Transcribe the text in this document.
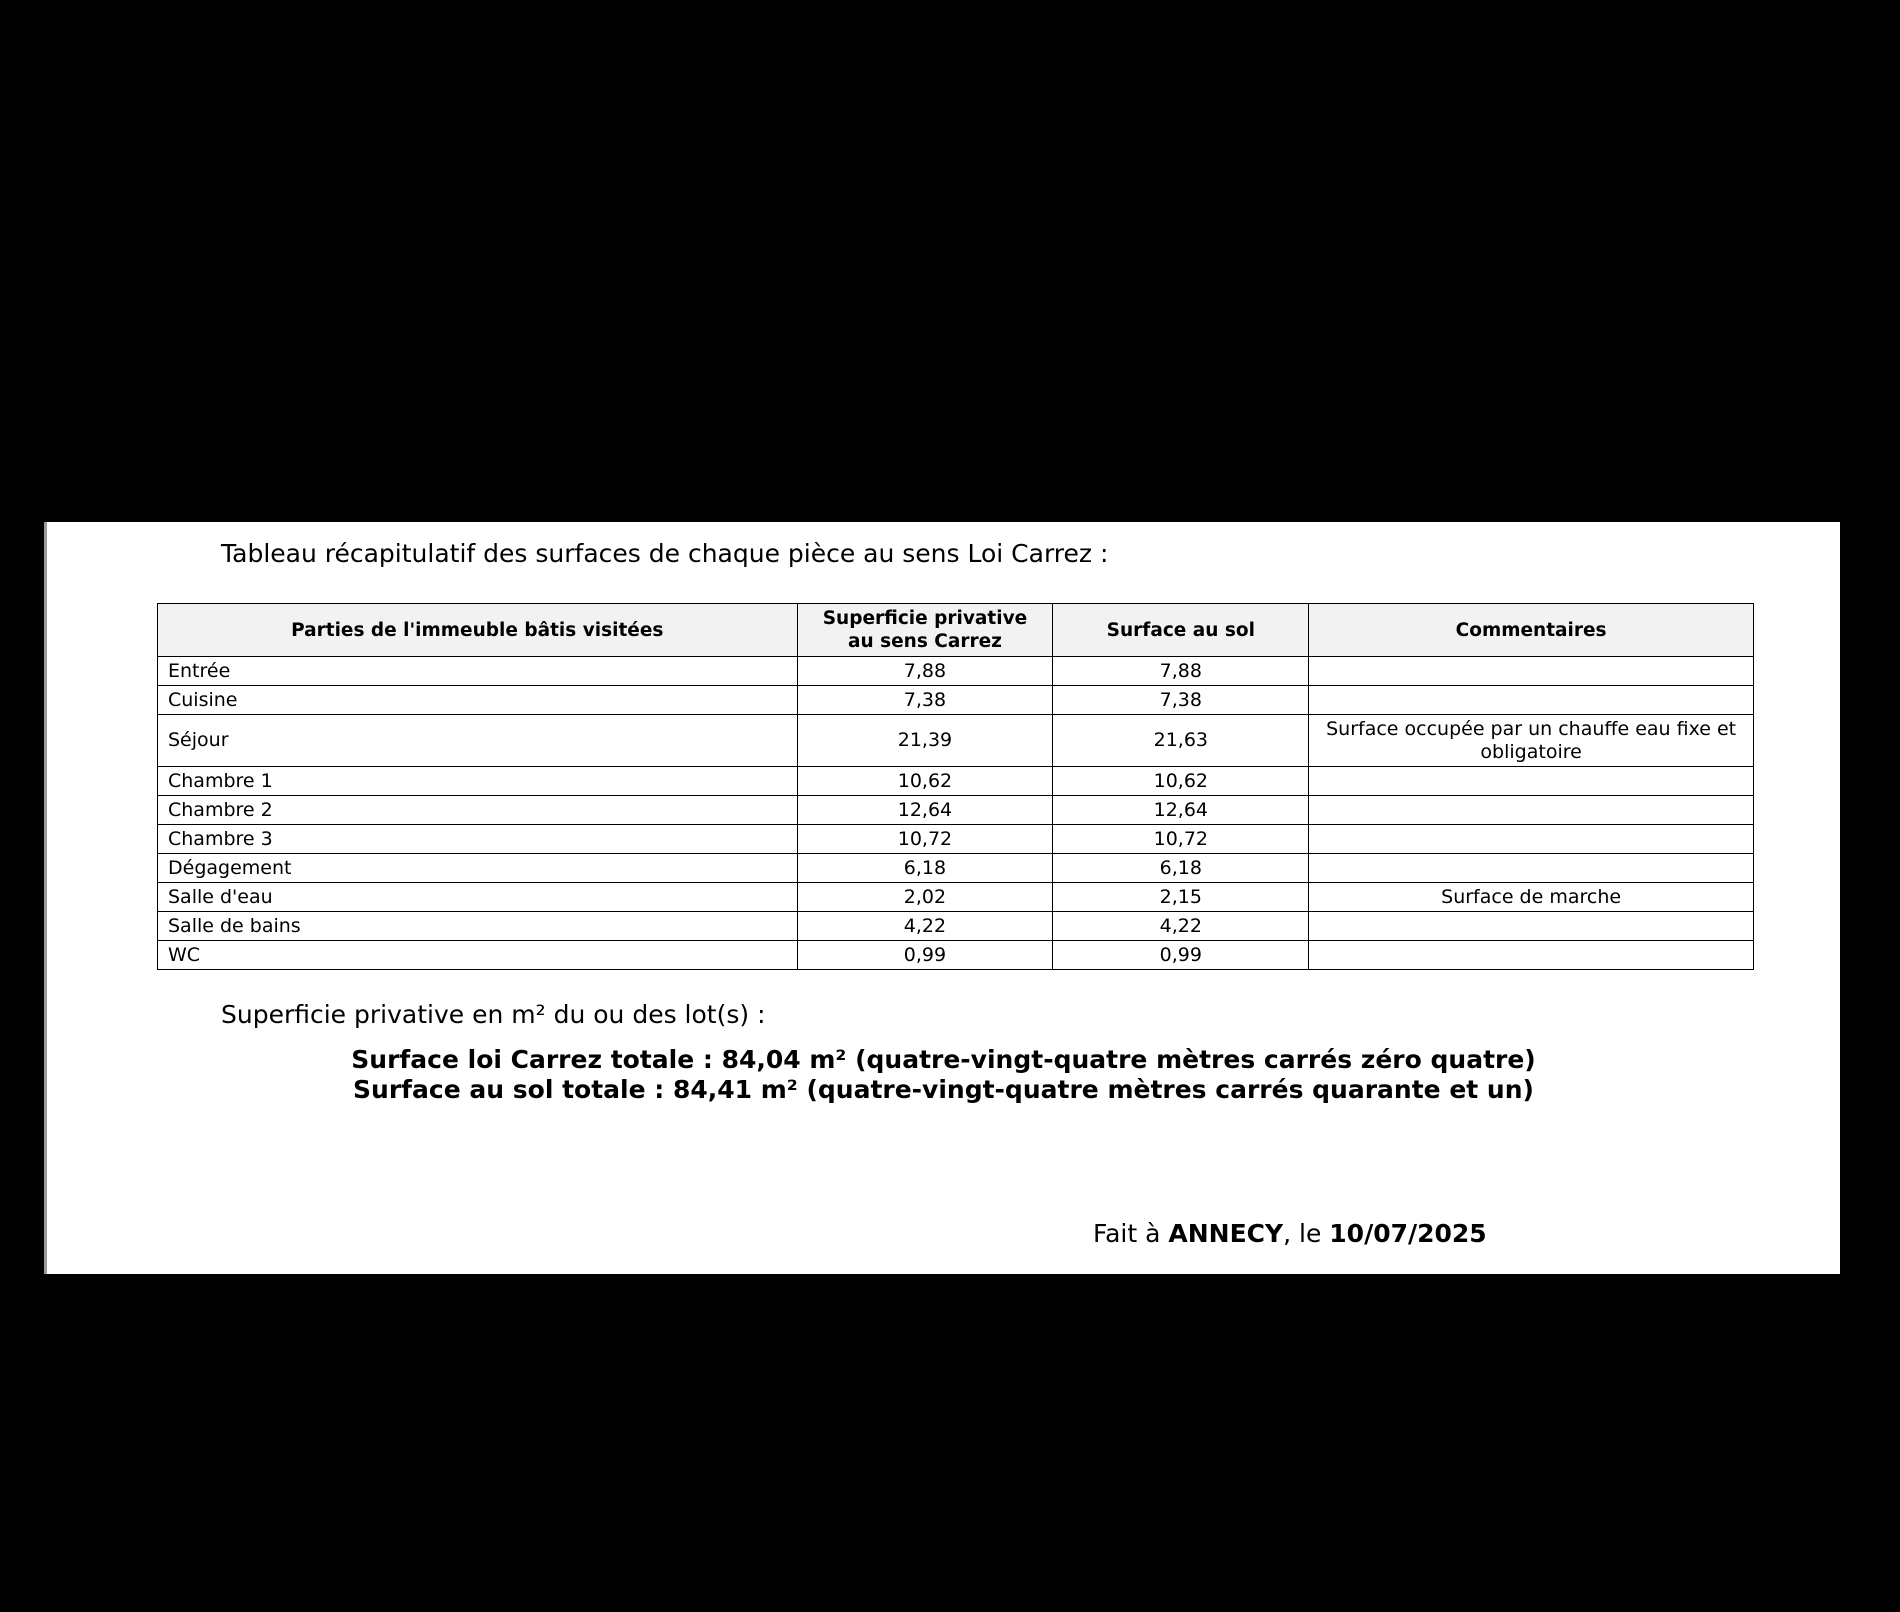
Tableau récapitulatif des surfaces de chaque pièce au sens Loi Carrez :
Parties de l'immeuble bâtis visitées	Superficie privative au sens Carrez	Surface au sol	Commentaires
Entrée	7,88	7,88	
Cuisine	7,38	7,38	
Séjour	21,39	21,63	Surface occupée par un chauffe eau fixe et obligatoire
Chambre 1	10,62	10,62	
Chambre 2	12,64	12,64	
Chambre 3	10,72	10,72	
Dégagement	6,18	6,18	
Salle d'eau	2,02	2,15	Surface de marche
Salle de bains	4,22	4,22	
WC	0,99	0,99	
Superficie privative en m² du ou des lot(s) :
Surface loi Carrez totale : 84,04 m² (quatre-vingt-quatre mètres carrés zéro quatre)
Surface au sol totale : 84,41 m² (quatre-vingt-quatre mètres carrés quarante et un)
Fait à ANNECY, le 10/07/2025
